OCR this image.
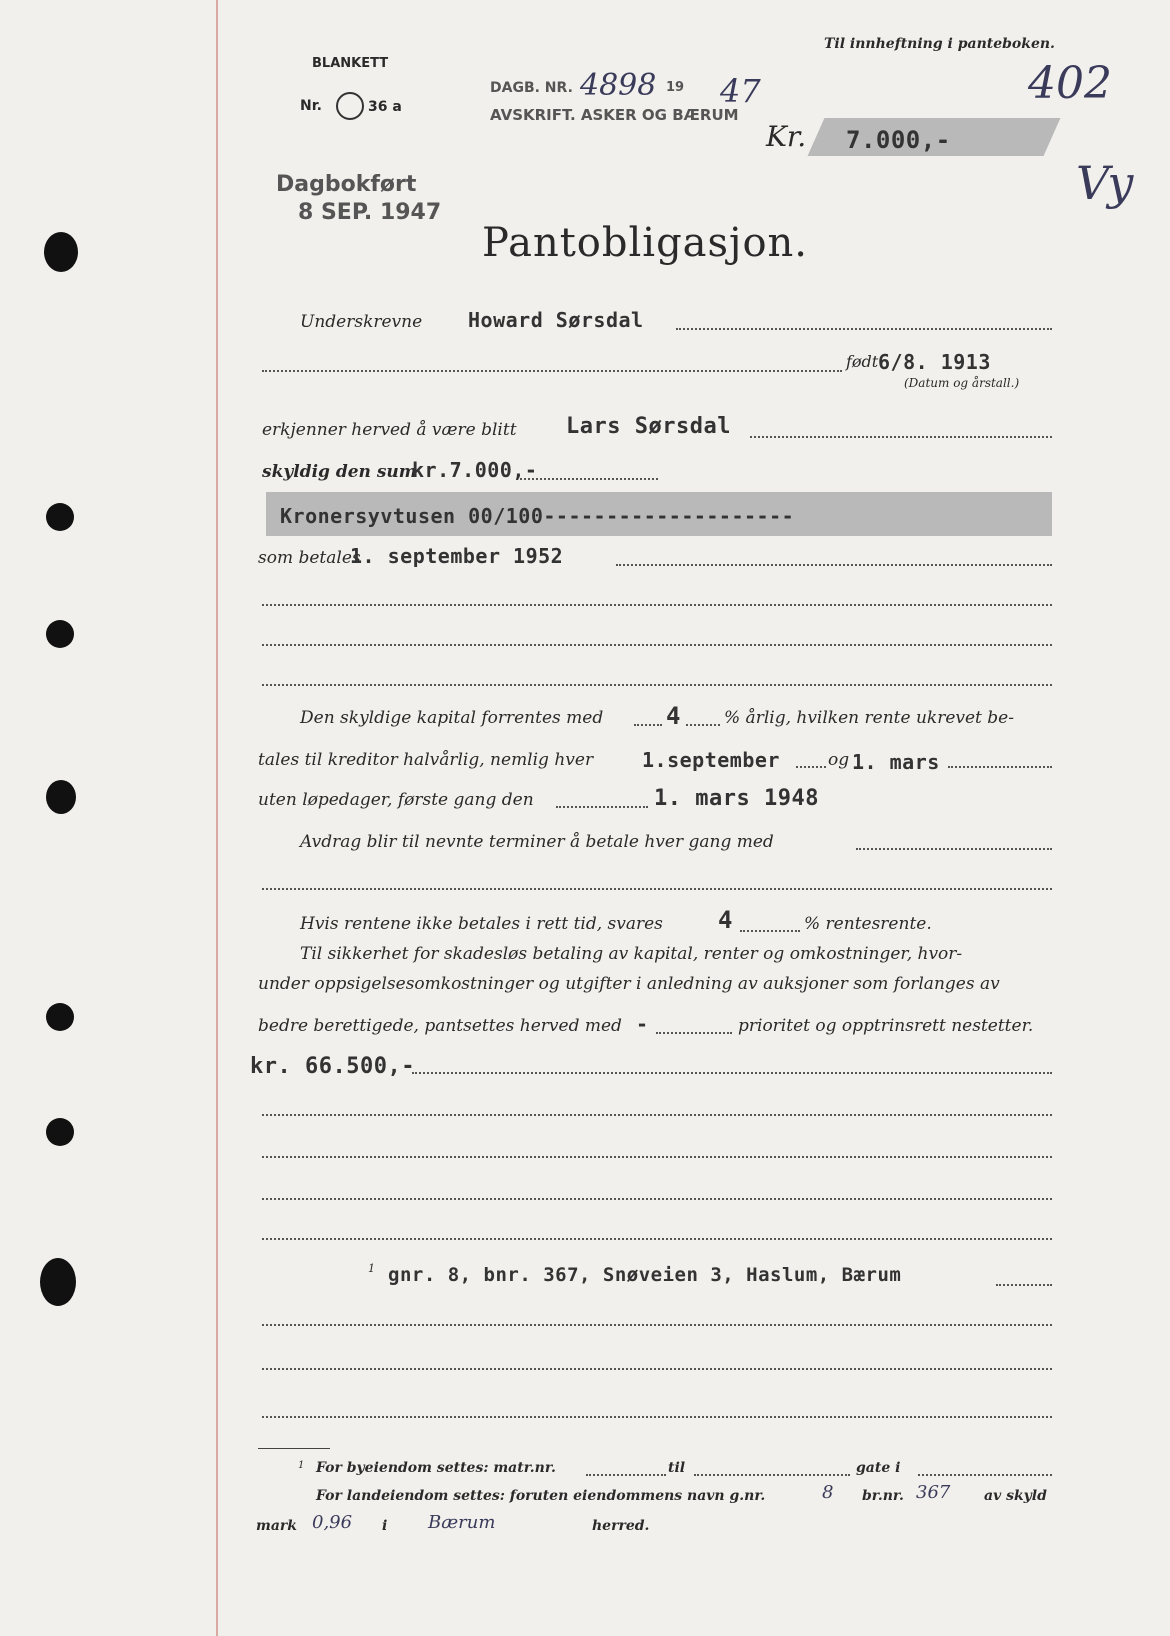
Til innheftning i panteboken.
BLANKETT
Nr.	36 a
DAGB. NR. 4898 19 47
AVSKRIFT. ASKER OG BÆRUM
402
Vy
Kr. 7.000,-
Dagbokført
8 SEP. 1947
Pantobligasjon.
Underskrevne Howard Sørsdal
født 6/8. 1913
(Datum og årstall.)
erkjenner herved å være blitt Lars Sørsdal
skyldig den sum
kr.7.000,-
Kronersyvtusen 00/100--------------------
som betales
1. september 1952
Den skyldige kapital forrentes med	4	% årlig, hvilken rente ukrevet be-
tales til kreditor halvårlig, nemlig hver 1.september	og 1. mars
uten løpedager, første gang den	1. mars 1948
Avdrag blir til nevnte terminer å betale hver gang med
Hvis rentene ikke betales i rett tid, svares 4	% rentesrente.
Til sikkerhet for skadesløs betaling av kapital, renter og omkostninger, hvor-
under oppsigelsesomkostninger og utgifter i anledning av auksjoner som forlanges av
bedre berettigede, pantsettes herved med -	prioritet og opptrinsrett nestetter.
kr. 66.500,-
1 gnr. 8, bnr. 367, Snøveien 3, Haslum, Bærum
1 For byeiendom settes: matr.nr.	til	gate i
For landeiendom settes: foruten eiendommens navn g.nr.	8 br.nr. 367 av skyld
mark 0,96 i Bærum	herred.
